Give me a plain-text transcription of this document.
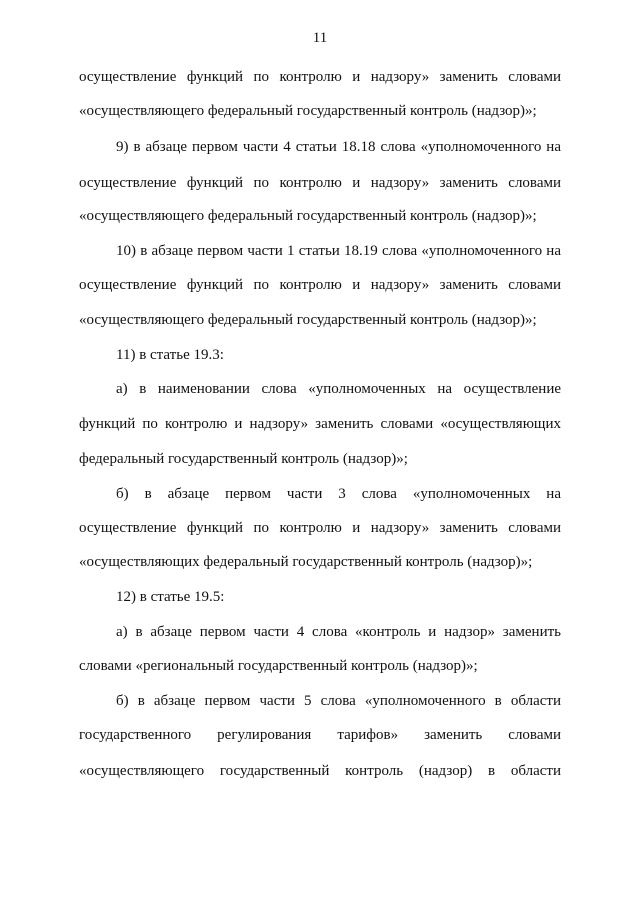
11
осуществление функций по контролю и надзору» заменить словами
«осуществляющего федеральный государственный контроль (надзор)»;
9) в абзаце первом части 4 статьи 18.18 слова «уполномоченного на
осуществление функций по контролю и надзору» заменить словами
«осуществляющего федеральный государственный контроль (надзор)»;
10) в абзаце первом части 1 статьи 18.19 слова «уполномоченного на
осуществление функций по контролю и надзору» заменить словами
«осуществляющего федеральный государственный контроль (надзор)»;
11) в статье 19.3:
а) в наименовании слова «уполномоченных на осуществление
функций по контролю и надзору» заменить словами «осуществляющих
федеральный государственный контроль (надзор)»;
б) в абзаце первом части 3 слова «уполномоченных на
осуществление функций по контролю и надзору» заменить словами
«осуществляющих федеральный государственный контроль (надзор)»;
12) в статье 19.5:
а) в абзаце первом части 4 слова «контроль и надзор» заменить
словами «региональный государственный контроль (надзор)»;
б) в абзаце первом части 5 слова «уполномоченного в области
государственного регулирования тарифов» заменить словами
«осуществляющего государственный контроль (надзор) в области
